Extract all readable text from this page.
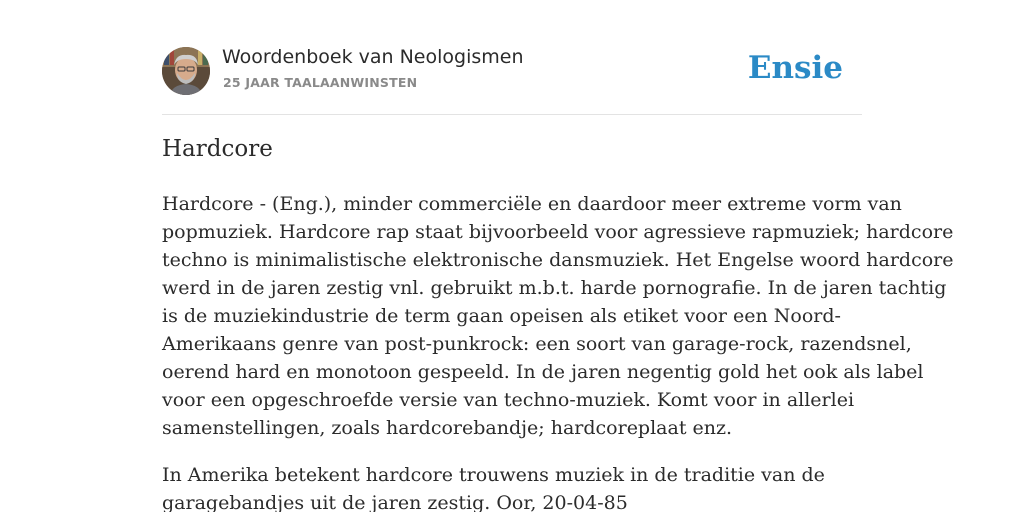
Woordenboek van Neologismen
25 JAAR TAALAANWINSTEN	Ensie
Hardcore

Hardcore - (Eng.), minder commerciële en daardoor meer extreme vorm van
popmuziek. Hardcore rap staat bijvoorbeeld voor agressieve rapmuziek; hardcore
techno is minimalistische elektronische dansmuziek. Het Engelse woord hardcore
werd in de jaren zestig vnl. gebruikt m.b.t. harde pornografie. In de jaren tachtig
is de muziekindustrie de term gaan opeisen als etiket voor een Noord-
Amerikaans genre van post-punkrock: een soort van garage-rock, razendsnel,
oerend hard en monotoon gespeeld. In de jaren negentig gold het ook als label
voor een opgeschroefde versie van techno-muziek. Komt voor in allerlei
samenstellingen, zoals hardcorebandje; hardcoreplaat enz.

In Amerika betekent hardcore trouwens muziek in de traditie van de
garagebandjes uit de jaren zestig. Oor, 20-04-85
